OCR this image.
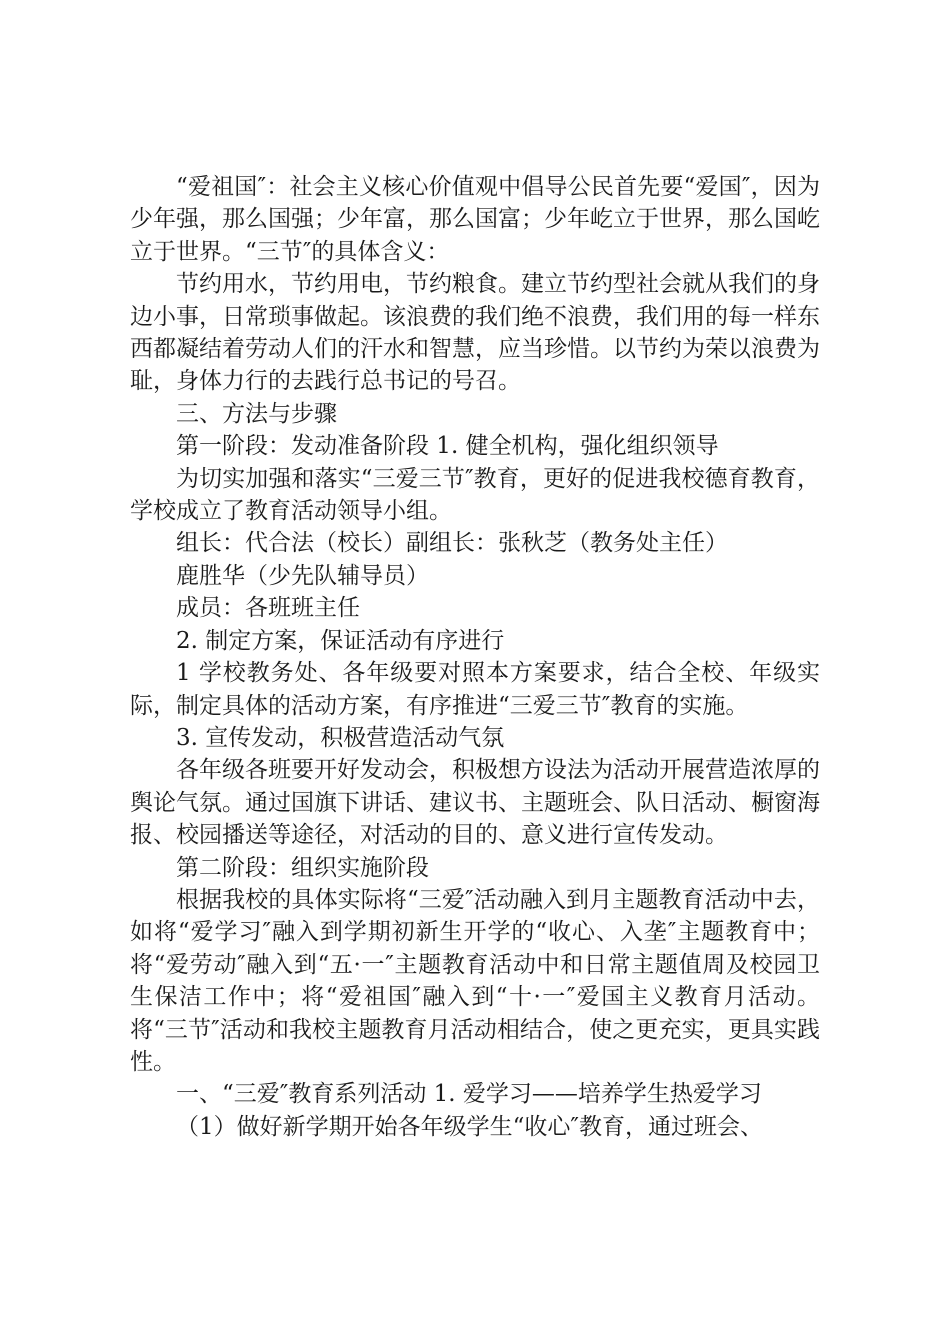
“爱祖国″：社会主义核心价值观中倡导公民首先要“爱国″，因为少年强，那么国强；少年富，那么国富；少年屹立于世界，那么国屹立于世界。“三节″的具体含义：

节约用水，节约用电，节约粮食。建立节约型社会就从我们的身边小事，日常琐事做起。该浪费的我们绝不浪费，我们用的每一样东西都凝结着劳动人们的汗水和智慧，应当珍惜。以节约为荣以浪费为耻，身体力行的去践行总书记的号召。

三、方法与步骤

第一阶段：发动准备阶段 1. 健全机构，强化组织领导

为切实加强和落实“三爱三节″教育，更好的促进我校德育教育，学校成立了教育活动领导小组。

组长：代合法（校长）副组长：张秋芝（教务处主任）

鹿胜华（少先队辅导员）

成员：各班班主任

2. 制定方案，保证活动有序进行

1 学校教务处、各年级要对照本方案要求，结合全校、年级实际，制定具体的活动方案，有序推进“三爱三节″教育的实施。

3. 宣传发动，积极营造活动气氛

各年级各班要开好发动会，积极想方设法为活动开展营造浓厚的舆论气氛。通过国旗下讲话、建议书、主题班会、队日活动、橱窗海报、校园播送等途径，对活动的目的、意义进行宣传发动。

第二阶段：组织实施阶段

根据我校的具体实际将“三爱″活动融入到月主题教育活动中去，如将“爱学习″融入到学期初新生开学的“收心、入垄″主题教育中；将“爱劳动″融入到“五·一″主题教育活动中和日常主题值周及校园卫生保洁工作中；将“爱祖国″融入到“十·一″爱国主义教育月活动。将“三节″活动和我校主题教育月活动相结合，使之更充实，更具实践性。

一、“三爱″教育系列活动 1. 爱学习——培养学生热爱学习

（1）做好新学期开始各年级学生“收心″教育，通过班会、
